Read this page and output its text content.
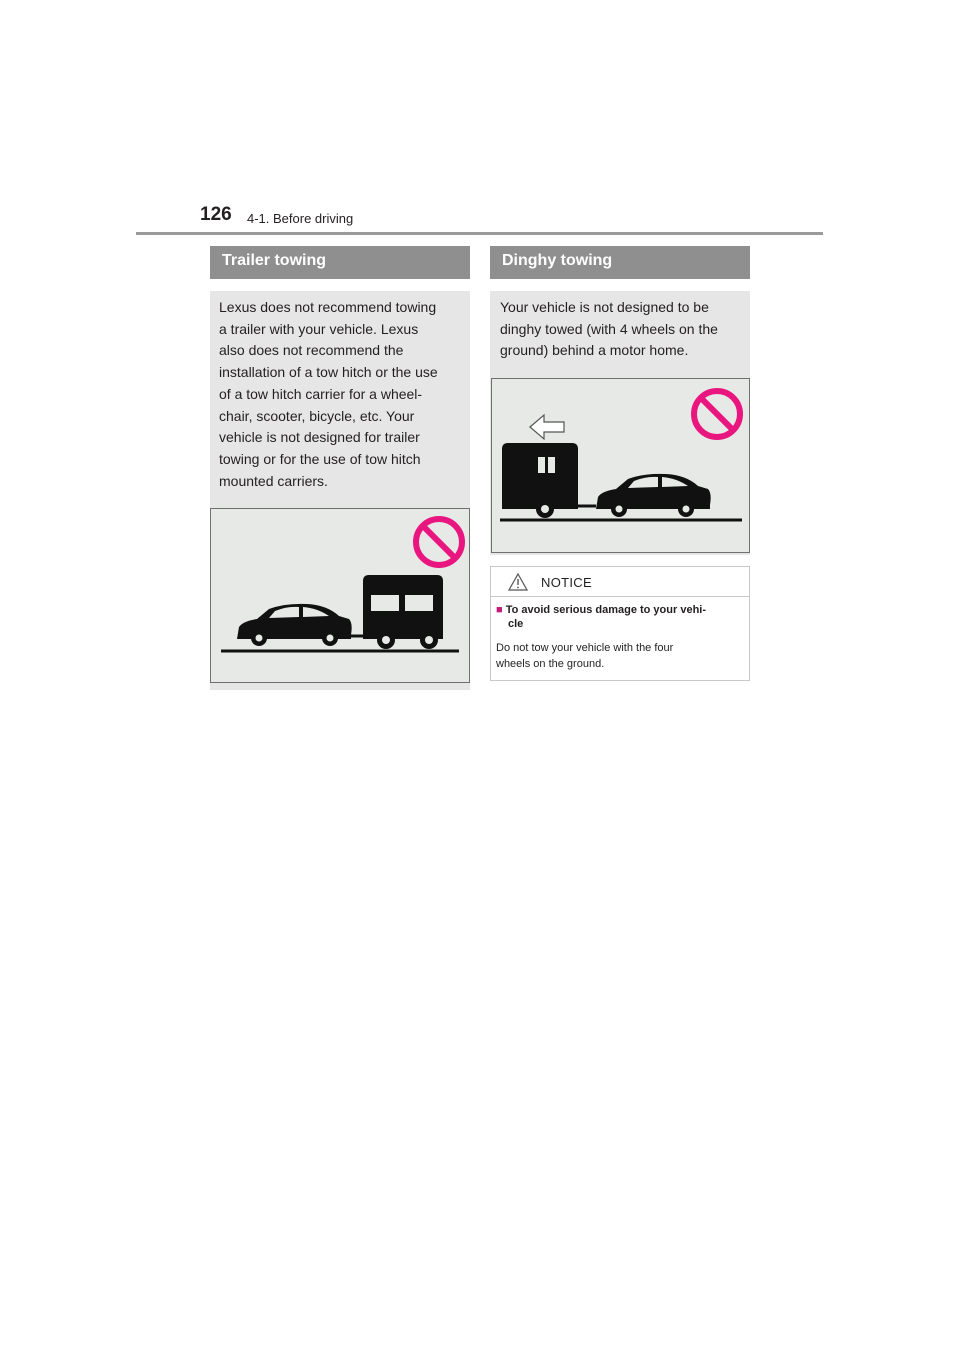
126 4-1. Before driving
Trailer towing
Lexus does not recommend towing
a trailer with your vehicle. Lexus
also does not recommend the
installation of a tow hitch or the use
of a tow hitch carrier for a wheel-
chair, scooter, bicycle, etc. Your
vehicle is not designed for trailer
towing or for the use of tow hitch
mounted carriers.
Dinghy towing
Your vehicle is not designed to be
dinghy towed (with 4 wheels on the
ground) behind a motor home.
NOTICE
■ To avoid serious damage to your vehi-
cle
Do not tow your vehicle with the four
wheels on the ground.
